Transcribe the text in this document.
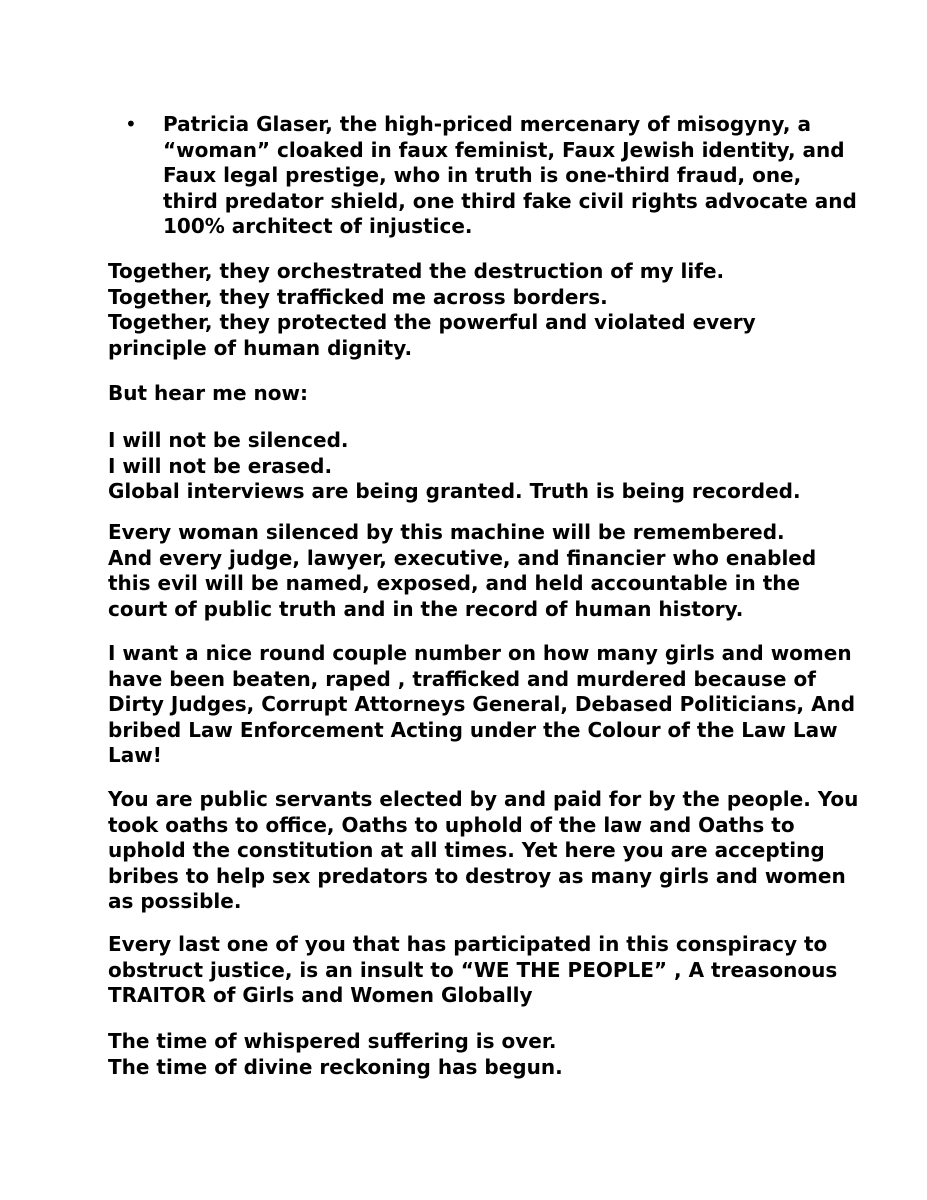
• Patricia Glaser, the high-priced mercenary of misogyny, a
“woman” cloaked in faux feminist, Faux Jewish identity, and
Faux legal prestige, who in truth is one-third fraud, one,
third predator shield, one third fake civil rights advocate and
100% architect of injustice.
Together, they orchestrated the destruction of my life.
Together, they trafficked me across borders.
Together, they protected the powerful and violated every
principle of human dignity.
But hear me now:
I will not be silenced.
I will not be erased.
Global interviews are being granted. Truth is being recorded.
Every woman silenced by this machine will be remembered.
And every judge, lawyer, executive, and financier who enabled
this evil will be named, exposed, and held accountable in the
court of public truth and in the record of human history.
I want a nice round couple number on how many girls and women
have been beaten, raped , trafficked and murdered because of
Dirty Judges, Corrupt Attorneys General, Debased Politicians, And
bribed Law Enforcement Acting under the Colour of the Law Law
Law!
You are public servants elected by and paid for by the people. You
took oaths to office, Oaths to uphold of the law and Oaths to
uphold the constitution at all times. Yet here you are accepting
bribes to help sex predators to destroy as many girls and women
as possible.
Every last one of you that has participated in this conspiracy to
obstruct justice, is an insult to “WE THE PEOPLE” , A treasonous
TRAITOR of Girls and Women Globally
The time of whispered suffering is over.
The time of divine reckoning has begun.
